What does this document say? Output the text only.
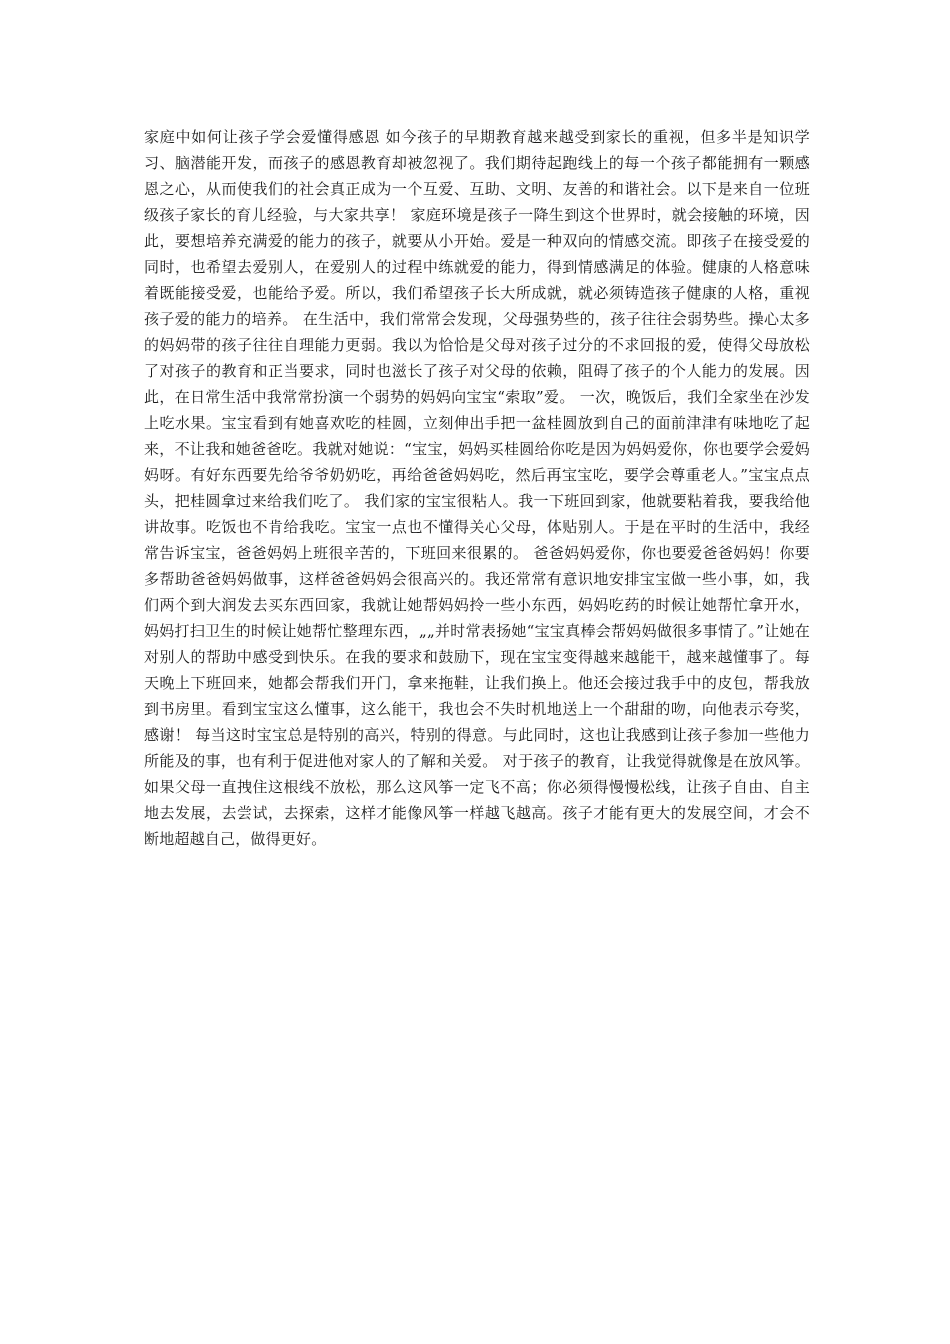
家庭中如何让孩子学会爱懂得感恩 如今孩子的早期教育越来越受到家长的重视，但多半是知识学习、脑潜能开发，而孩子的感恩教育却被忽视了。我们期待起跑线上的每一个孩子都能拥有一颗感恩之心，从而使我们的社会真正成为一个互爱、互助、文明、友善的和谐社会。以下是来自一位班级孩子家长的育儿经验，与大家共享！ 家庭环境是孩子一降生到这个世界时，就会接触的环境，因此，要想培养充满爱的能力的孩子，就要从小开始。爱是一种双向的情感交流。即孩子在接受爱的同时，也希望去爱别人，在爱别人的过程中练就爱的能力，得到情感满足的体验。健康的人格意味着既能接受爱，也能给予爱。所以，我们希望孩子长大所成就，就必须铸造孩子健康的人格，重视孩子爱的能力的培养。 在生活中，我们常常会发现，父母强势些的，孩子往往会弱势些。操心太多的妈妈带的孩子往往自理能力更弱。我以为恰恰是父母对孩子过分的不求回报的爱，使得父母放松了对孩子的教育和正当要求，同时也滋长了孩子对父母的依赖，阻碍了孩子的个人能力的发展。因此，在日常生活中我常常扮演一个弱势的妈妈向宝宝“索取”爱。 一次，晚饭后，我们全家坐在沙发上吃水果。宝宝看到有她喜欢吃的桂圆，立刻伸出手把一盆桂圆放到自己的面前津津有味地吃了起来，不让我和她爸爸吃。我就对她说：“宝宝，妈妈买桂圆给你吃是因为妈妈爱你，你也要学会爱妈妈呀。有好东西要先给爷爷奶奶吃，再给爸爸妈妈吃，然后再宝宝吃，要学会尊重老人。”宝宝点点头，把桂圆拿过来给我们吃了。 我们家的宝宝很粘人。我一下班回到家，他就要粘着我，要我给他讲故事。吃饭也不肯给我吃。宝宝一点也不懂得关心父母，体贴别人。于是在平时的生活中，我经常告诉宝宝，爸爸妈妈上班很辛苦的，下班回来很累的。 爸爸妈妈爱你，你也要爱爸爸妈妈！你要多帮助爸爸妈妈做事，这样爸爸妈妈会很高兴的。我还常常有意识地安排宝宝做一些小事，如，我们两个到大润发去买东西回家，我就让她帮妈妈拎一些小东西，妈妈吃药的时候让她帮忙拿开水，妈妈打扫卫生的时候让她帮忙整理东西，„„并时常表扬她“宝宝真棒会帮妈妈做很多事情了。”让她在对别人的帮助中感受到快乐。在我的要求和鼓励下，现在宝宝变得越来越能干，越来越懂事了。每天晚上下班回来，她都会帮我们开门，拿来拖鞋，让我们换上。他还会接过我手中的皮包，帮我放到书房里。看到宝宝这么懂事，这么能干，我也会不失时机地送上一个甜甜的吻，向他表示夸奖，感谢！ 每当这时宝宝总是特别的高兴，特别的得意。与此同时，这也让我感到让孩子参加一些他力所能及的事，也有利于促进他对家人的了解和关爱。 对于孩子的教育，让我觉得就像是在放风筝。如果父母一直拽住这根线不放松，那么这风筝一定飞不高；你必须得慢慢松线，让孩子自由、自主地去发展，去尝试，去探索，这样才能像风筝一样越飞越高。孩子才能有更大的发展空间，才会不断地超越自己，做得更好。
